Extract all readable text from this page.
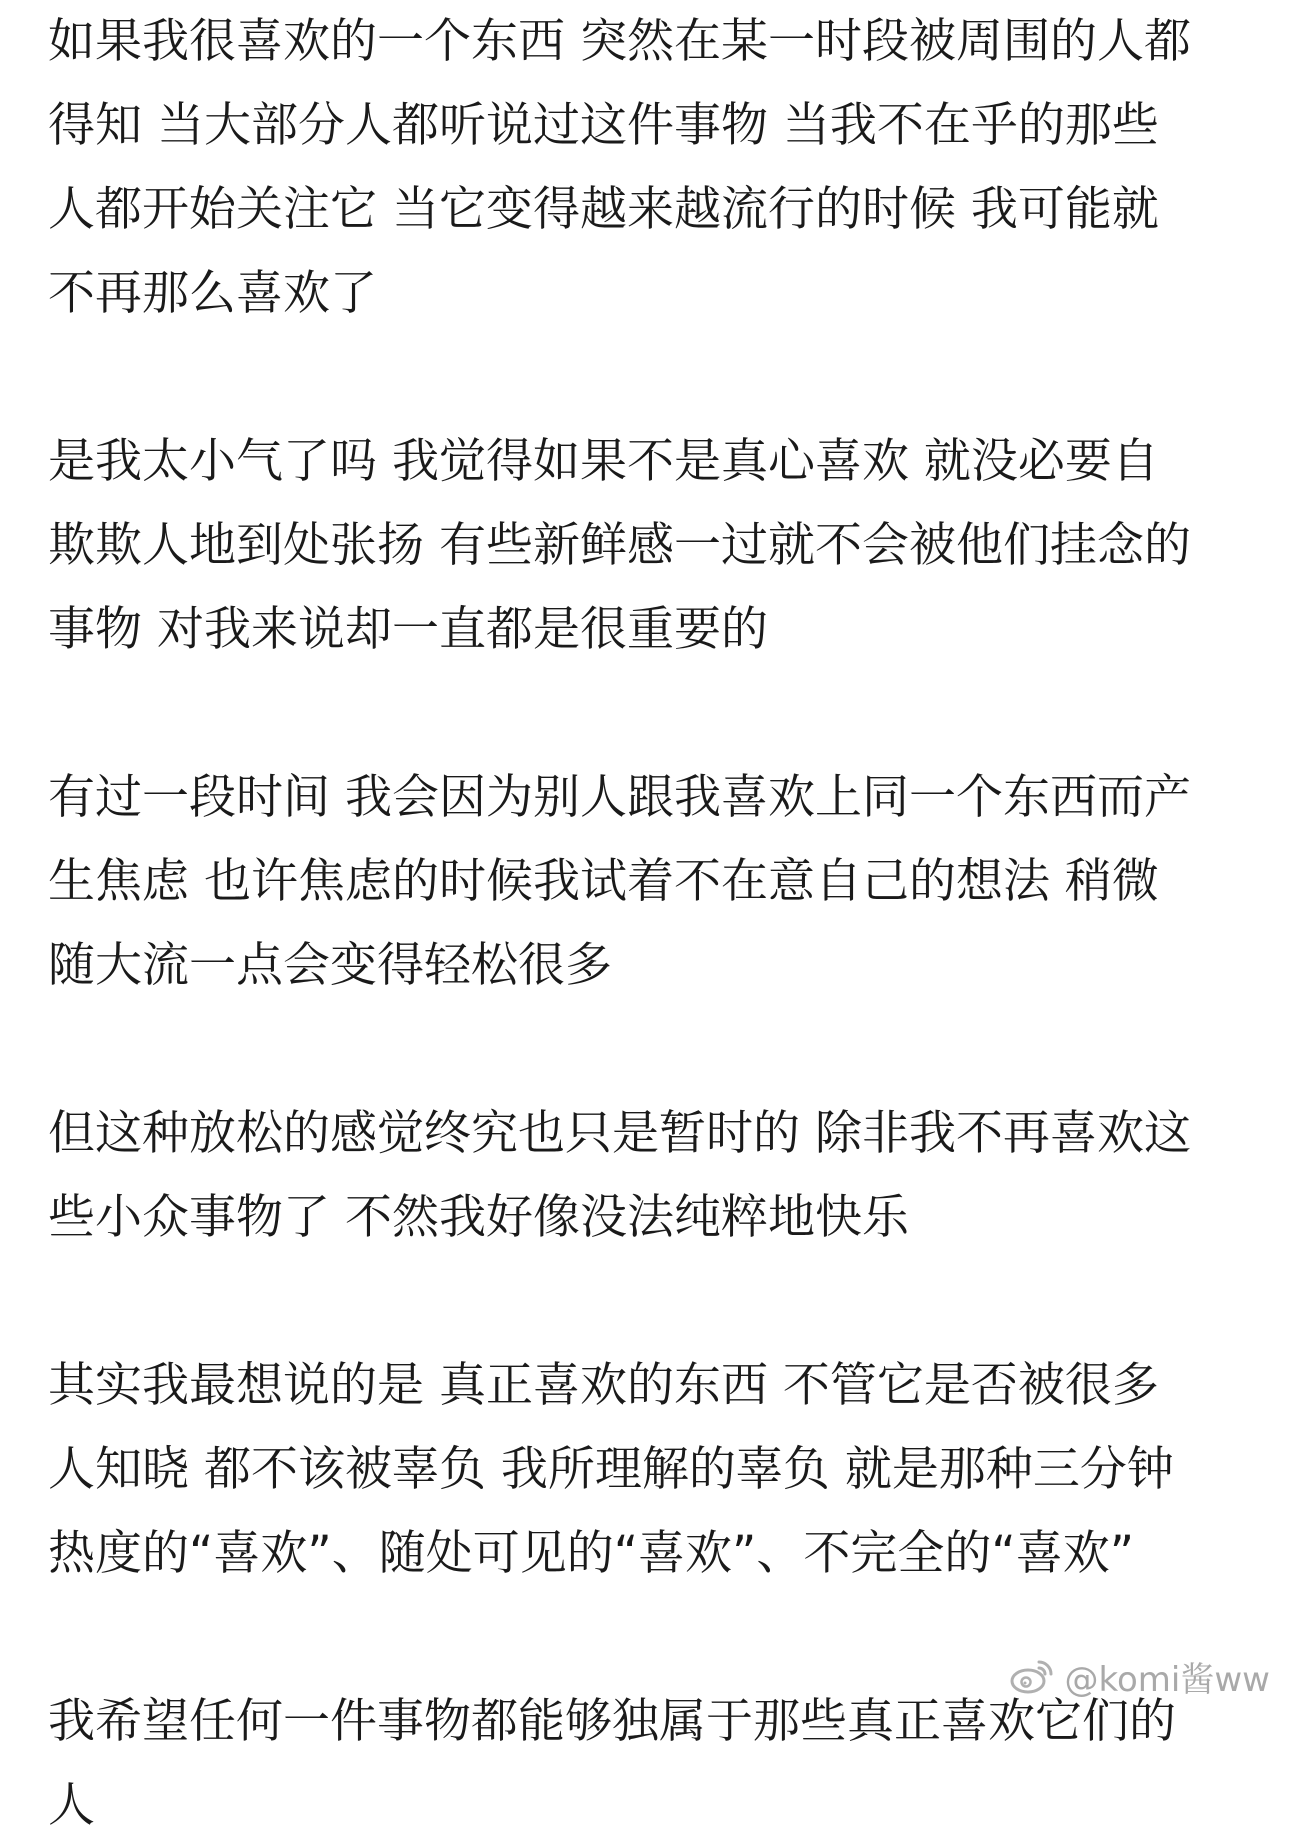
如果我很喜欢的一个东西 突然在某一时段被周围的人都
得知 当大部分人都听说过这件事物 当我不在乎的那些
人都开始关注它 当它变得越来越流行的时候 我可能就
不再那么喜欢了
是我太小气了吗 我觉得如果不是真心喜欢 就没必要自
欺欺人地到处张扬 有些新鲜感一过就不会被他们挂念的
事物 对我来说却一直都是很重要的
有过一段时间 我会因为别人跟我喜欢上同一个东西而产
生焦虑 也许焦虑的时候我试着不在意自己的想法 稍微
随大流一点会变得轻松很多
但这种放松的感觉终究也只是暂时的 除非我不再喜欢这
些小众事物了 不然我好像没法纯粹地快乐
其实我最想说的是 真正喜欢的东西 不管它是否被很多
人知晓 都不该被辜负 我所理解的辜负 就是那种三分钟
热度的“喜欢”、随处可见的“喜欢”、不完全的“喜欢”
我希望任何一件事物都能够独属于那些真正喜欢它们的
人
@komi酱ww
